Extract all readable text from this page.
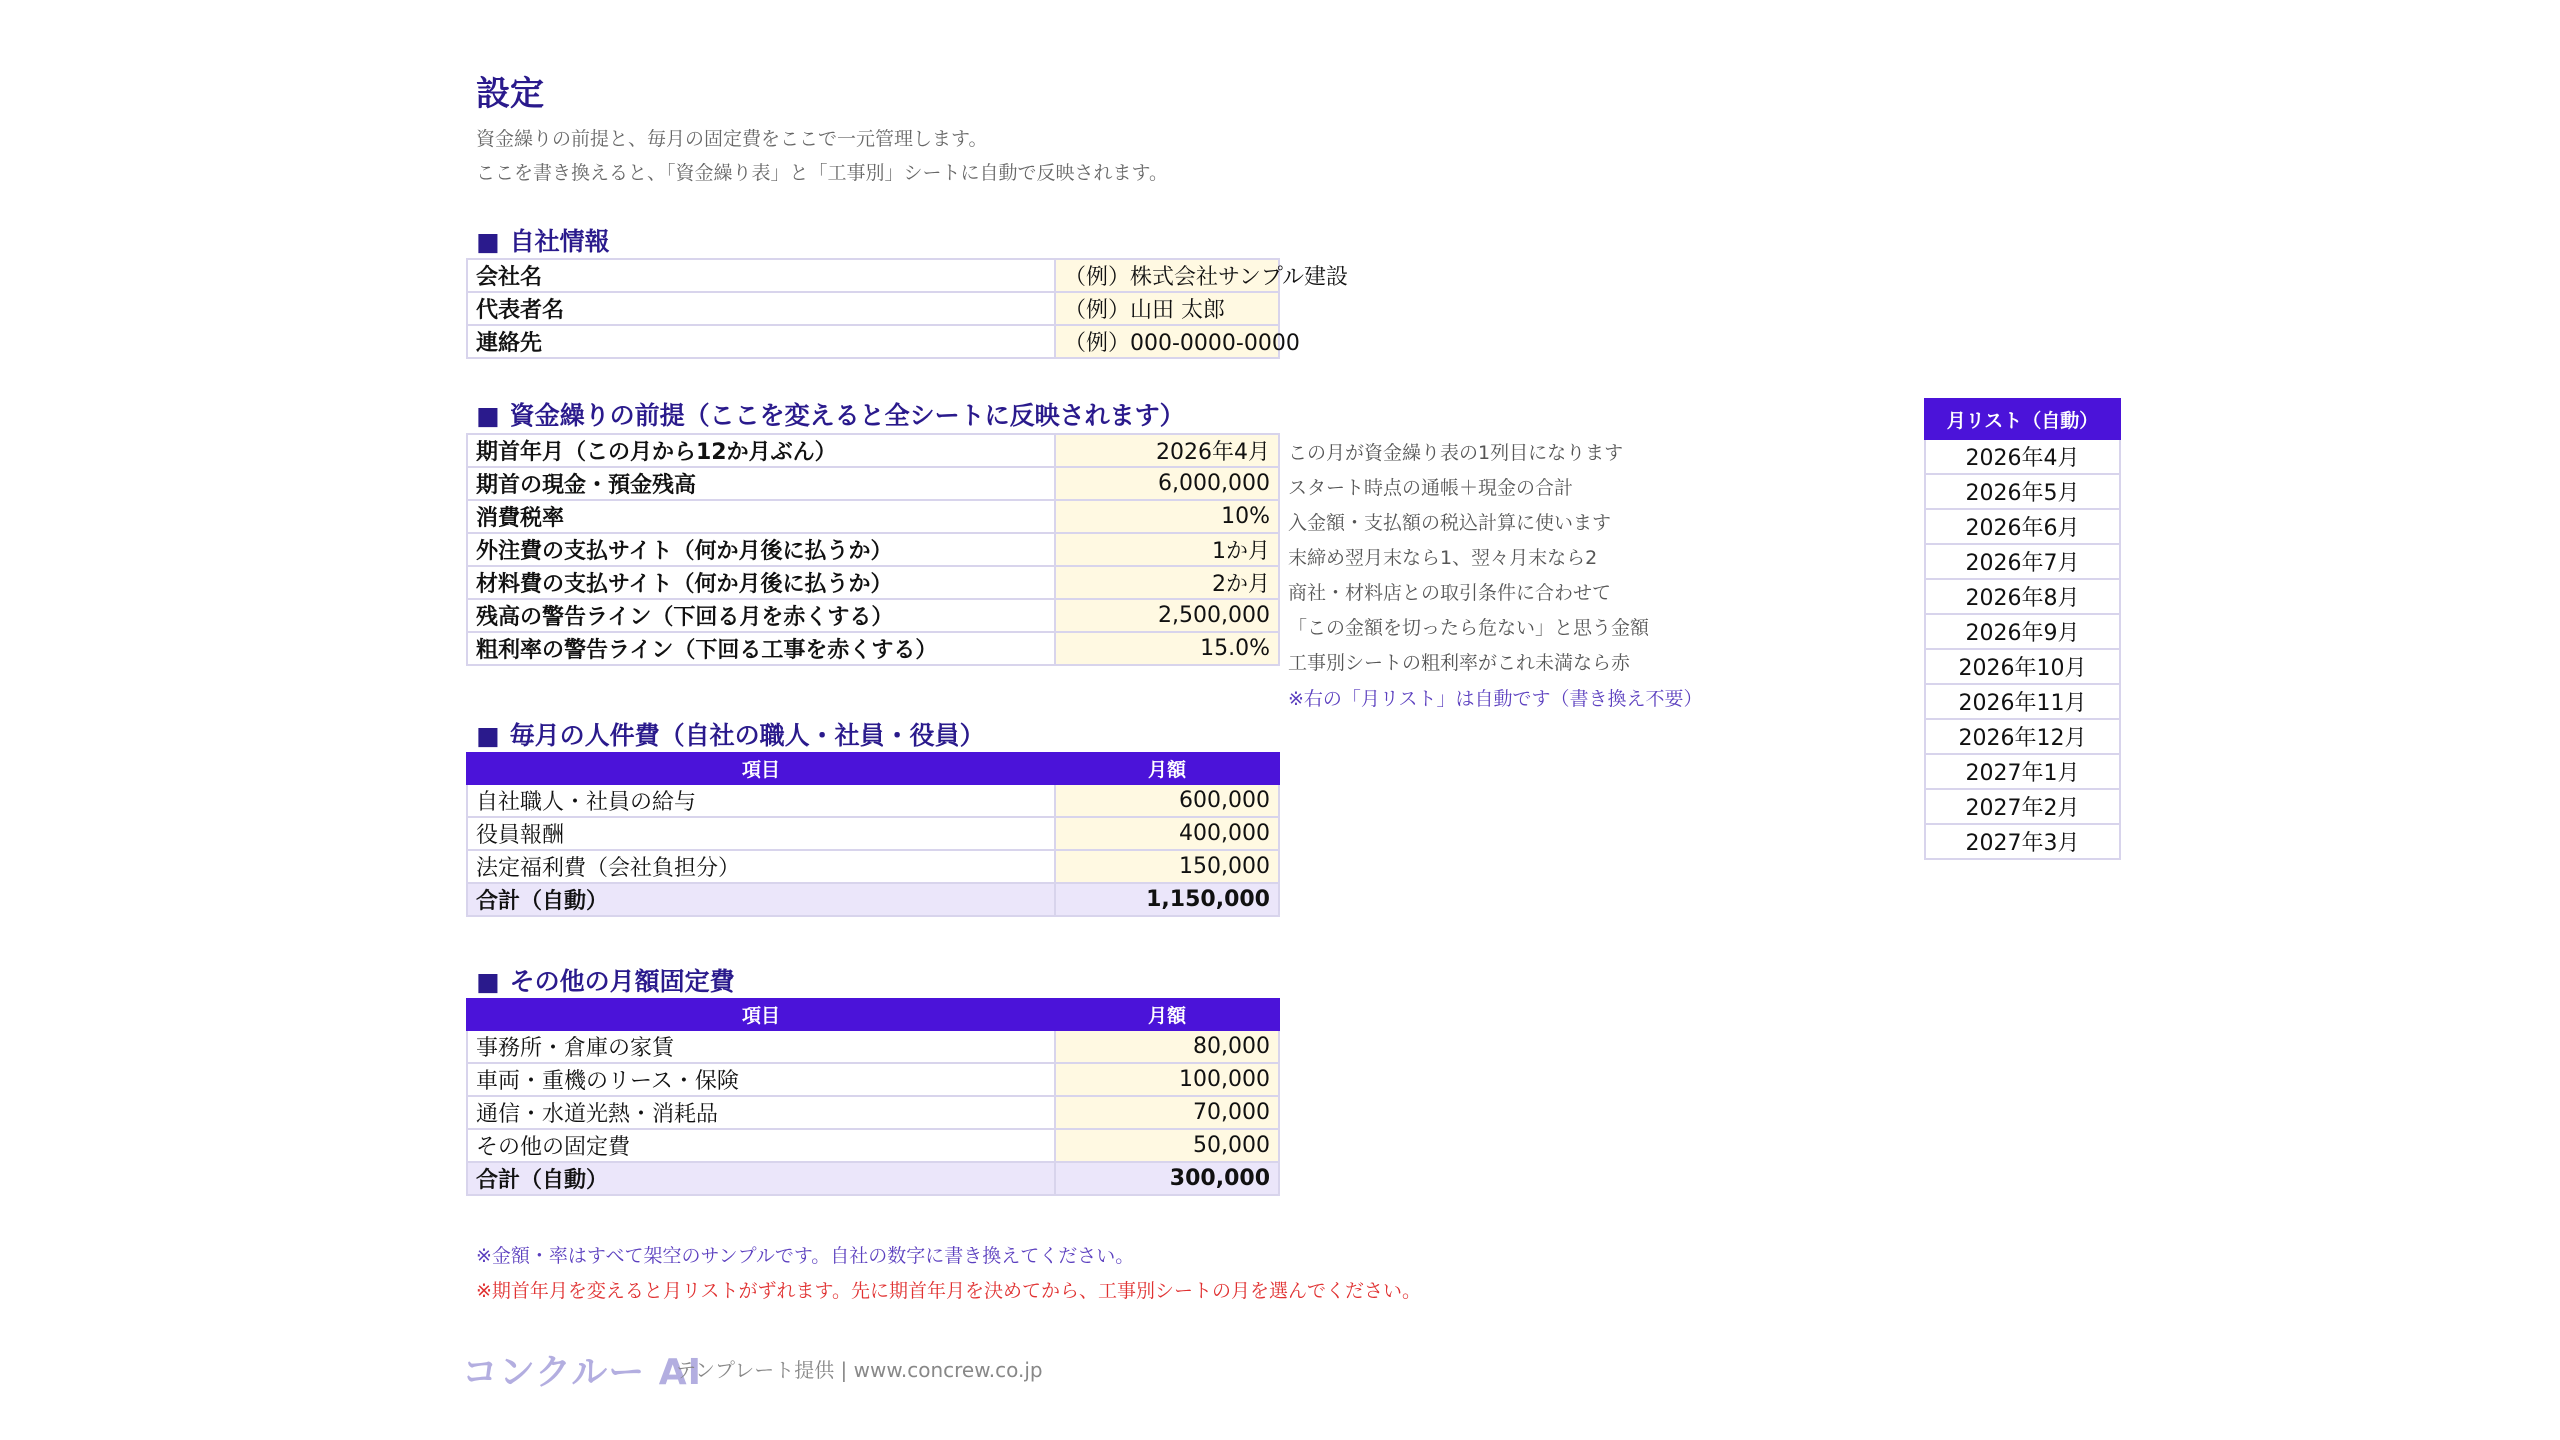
設定
資金繰りの前提と、毎月の固定費をここで一元管理します。
ここを書き換えると、「資金繰り表」と「工事別」シートに自動で反映されます。
■ 自社情報
会社名	（例）株式会社サンプル建設
代表者名	（例）山田 太郎
連絡先	（例）000-0000-0000
■ 資金繰りの前提（ここを変えると全シートに反映されます）
期首年月（この月から12か月ぶん）	2026年4月
期首の現金・預金残高	6,000,000
消費税率	10%
外注費の支払サイト（何か月後に払うか）	1か月
材料費の支払サイト（何か月後に払うか）	2か月
残高の警告ライン（下回る月を赤くする）	2,500,000
粗利率の警告ライン（下回る工事を赤くする）	15.0%
この月が資金繰り表の1列目になります
スタート時点の通帳＋現金の合計
入金額・支払額の税込計算に使います
末締め翌月末なら1、翌々月末なら2
商社・材料店との取引条件に合わせて
「この金額を切ったら危ない」と思う金額
工事別シートの粗利率がこれ未満なら赤
※右の「月リスト」は自動です（書き換え不要）
■ 毎月の人件費（自社の職人・社員・役員）
項目	月額
自社職人・社員の給与	600,000
役員報酬	400,000
法定福利費（会社負担分）	150,000
合計（自動）	1,150,000
■ その他の月額固定費
項目	月額
事務所・倉庫の家賃	80,000
車両・重機のリース・保険	100,000
通信・水道光熱・消耗品	70,000
その他の固定費	50,000
合計（自動）	300,000
月リスト（自動）
2026年4月
2026年5月
2026年6月
2026年7月
2026年8月
2026年9月
2026年10月
2026年11月
2026年12月
2027年1月
2027年2月
2027年3月
※金額・率はすべて架空のサンプルです。自社の数字に書き換えてください。
※期首年月を変えると月リストがずれます。先に期首年月を決めてから、工事別シートの月を選んでください。
コンクルー AI
テンプレート提供 | www.concrew.co.jp
